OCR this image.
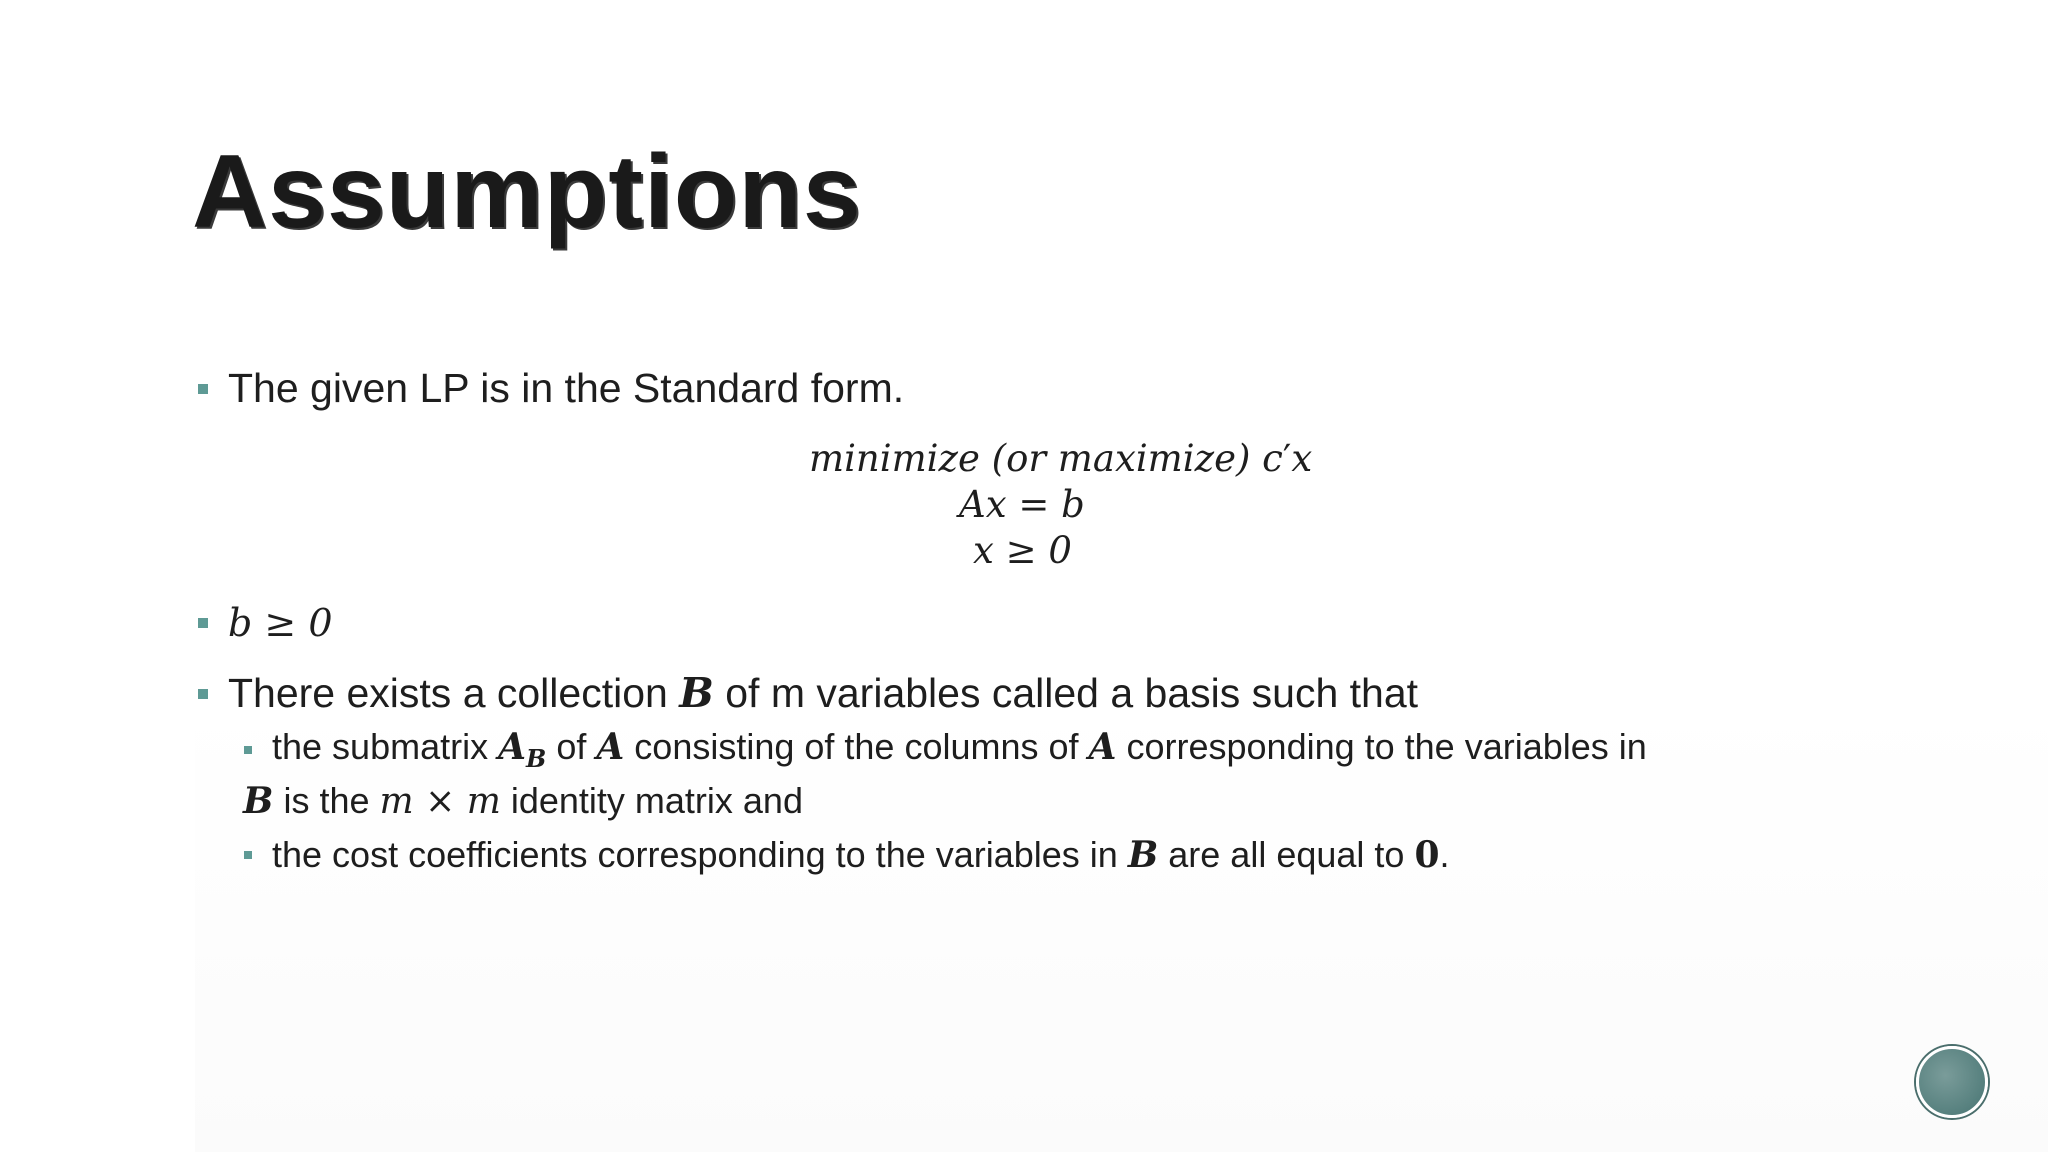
Assumptions
The given LP is in the Standard form.
minimize (or maximize) c′x
Ax = b
x ≥ 0
b ≥ 0
There exists a collection B of m variables called a basis such that
the submatrix $A_B$ of A consisting of the columns of A corresponding to the variables in
B is the m × m identity matrix and
the cost coefficients corresponding to the variables in B are all equal to 0.
